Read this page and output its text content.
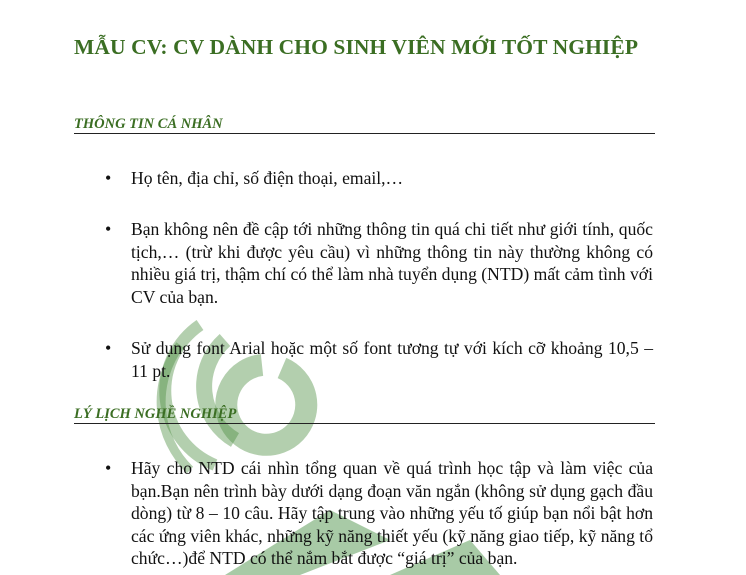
MẪU CV: CV DÀNH CHO SINH VIÊN MỚI TỐT NGHIỆP
THÔNG TIN CÁ NHÂN
• Họ tên, địa chỉ, số điện thoại, email,…

• Bạn không nên đề cập tới những thông tin quá chi tiết như giới tính, quốc tịch,… (trừ khi được yêu cầu) vì những thông tin này thường không có nhiều giá trị, thậm chí có thể làm nhà tuyển dụng (NTD) mất cảm tình với CV của bạn.

• Sử dụng font Arial hoặc một số font tương tự với kích cỡ khoảng 10,5 – 11 pt.

LÝ LỊCH NGHỀ NGHIỆP
• Hãy cho NTD cái nhìn tổng quan về quá trình học tập và làm việc của bạn.Bạn nên trình bày dưới dạng đoạn văn ngắn (không sử dụng gạch đầu dòng) từ 8 – 10 câu. Hãy tập trung vào những yếu tố giúp bạn nổi bật hơn các ứng viên khác, những kỹ năng thiết yếu (kỹ năng giao tiếp, kỹ năng tổ chức…)để NTD có thể nắm bắt được “giá trị” của bạn.
